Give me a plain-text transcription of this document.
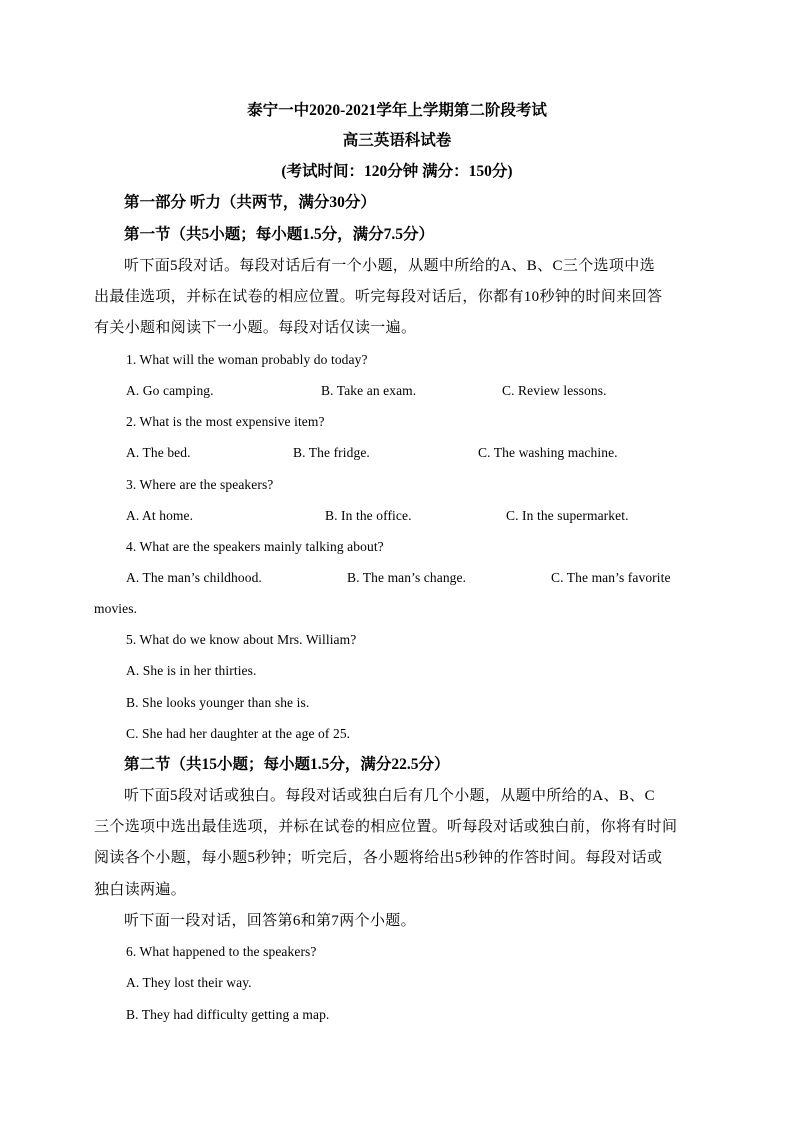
泰宁一中2020-2021学年上学期第二阶段考试
高三英语科试卷
(考试时间：120分钟 满分：150分)
第一部分 听力（共两节，满分30分）
第一节（共5小题；每小题1.5分，满分7.5分）
听下面5段对话。每段对话后有一个小题，从题中所给的A、B、C三个选项中选
出最佳选项，并标在试卷的相应位置。听完每段对话后，你都有10秒钟的时间来回答
有关小题和阅读下一小题。每段对话仅读一遍。
1. What will the woman probably do today?
A. Go camping.	B. Take an exam.	C. Review lessons.
2. What is the most expensive item?
A. The bed.	B. The fridge.	C. The washing machine.
3. Where are the speakers?
A. At home.	B. In the office.	C. In the supermarket.
4. What are the speakers mainly talking about?
A. The man’s childhood.	B. The man’s change.	C. The man’s favorite
movies.
5. What do we know about Mrs. William?
A. She is in her thirties.
B. She looks younger than she is.
C. She had her daughter at the age of 25.
第二节（共15小题；每小题1.5分，满分22.5分）
听下面5段对话或独白。每段对话或独白后有几个小题，从题中所给的A、B、C
三个选项中选出最佳选项，并标在试卷的相应位置。听每段对话或独白前，你将有时间
阅读各个小题，每小题5秒钟；听完后，各小题将给出5秒钟的作答时间。每段对话或
独白读两遍。
听下面一段对话，回答第6和第7两个小题。
6. What happened to the speakers?
A. They lost their way.
B. They had difficulty getting a map.
